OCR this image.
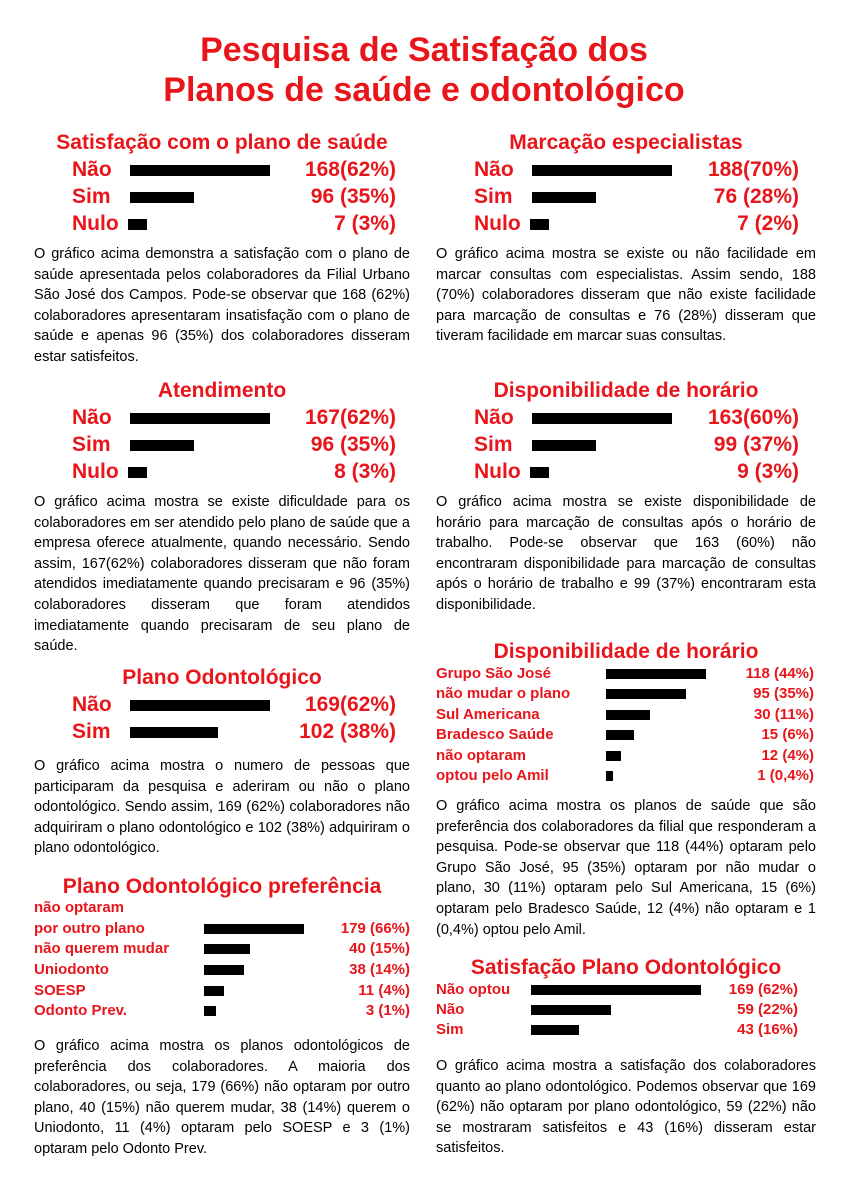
Pesquisa de Satisfação dos
Planos de saúde e odontológico
Satisfação com o plano de saúde
Não	168(62%)
Sim	96 (35%)
Nulo	7 (3%)

O gráfico acima demonstra a satisfação com o plano de saúde apresentada pelos colaboradores da Filial Urbano São José dos Campos. Pode-se observar que 168 (62%) colaboradores apresentaram insatisfação com o plano de saúde e apenas 96 (35%) dos colaboradores disseram estar satisfeitos.

Marcação especialistas
Não	188(70%)
Sim	76 (28%)
Nulo	7 (2%)

O gráfico acima mostra se existe ou não facilidade em marcar consultas com especialistas. Assim sendo, 188 (70%) colaboradores disseram que não existe facilidade para marcação de consultas e 76 (28%) disseram que tiveram facilidade em marcar suas consultas.

Atendimento
Não	167(62%)
Sim	96 (35%)
Nulo	8 (3%)

O gráfico acima mostra se existe dificuldade para os colaboradores em ser atendido pelo plano de saúde que a empresa oferece atualmente, quando necessário. Sendo assim, 167(62%) colaboradores disseram que não foram atendidos imediatamente quando precisaram e 96 (35%) colaboradores disseram que foram atendidos imediatamente quando precisaram de seu plano de saúde.

Disponibilidade de horário
Não	163(60%)
Sim	99 (37%)
Nulo	9 (3%)

O gráfico acima mostra se existe disponibilidade de horário para marcação de consultas após o horário de trabalho. Pode-se observar que 163 (60%) não encontraram disponibilidade para marcação de consultas após o horário de trabalho e 99 (37%) encontraram esta disponibilidade.

Plano Odontológico
Não	169(62%)
Sim	102 (38%)

O gráfico acima mostra o numero de pessoas que participaram da pesquisa e aderiram ou não o plano odontológico. Sendo assim, 169 (62%) colaboradores não adquiriram o plano odontológico e 102 (38%) adquiriram o plano odontológico.

Disponibilidade de horário
Grupo São José	118 (44%)
não mudar o plano	95 (35%)
Sul Americana	30 (11%)
Bradesco Saúde	15 (6%)
não optaram	12 (4%)
optou pelo Amil	1 (0,4%)

O gráfico acima mostra os planos de saúde que são preferência dos colaboradores da filial que responderam a pesquisa. Pode-se observar que 118 (44%) optaram pelo Grupo São José, 95 (35%) optaram por não mudar o plano, 30 (11%) optaram pelo Sul Americana, 15 (6%) optaram pelo Bradesco Saúde, 12 (4%) não optaram e 1 (0,4%) optou pelo Amil.

Plano Odontológico preferência
não optaram
por outro plano	179 (66%)
não querem mudar	40 (15%)
Uniodonto	38 (14%)
SOESP	11 (4%)
Odonto Prev.	3 (1%)

O gráfico acima mostra os planos odontológicos de preferência dos colaboradores. A maioria dos colaboradores, ou seja, 179 (66%) não optaram por outro plano, 40 (15%) não querem mudar, 38 (14%) querem o Uniodonto, 11 (4%) optaram pelo SOESP e 3 (1%) optaram pelo Odonto Prev.

Satisfação Plano Odontológico
Não optou	169 (62%)
Não	59 (22%)
Sim	43 (16%)

O gráfico acima mostra a satisfação dos colaboradores quanto ao plano odontológico. Podemos observar que 169 (62%) não optaram por plano odontológico, 59 (22%) não se mostraram satisfeitos e 43 (16%) disseram estar satisfeitos.
